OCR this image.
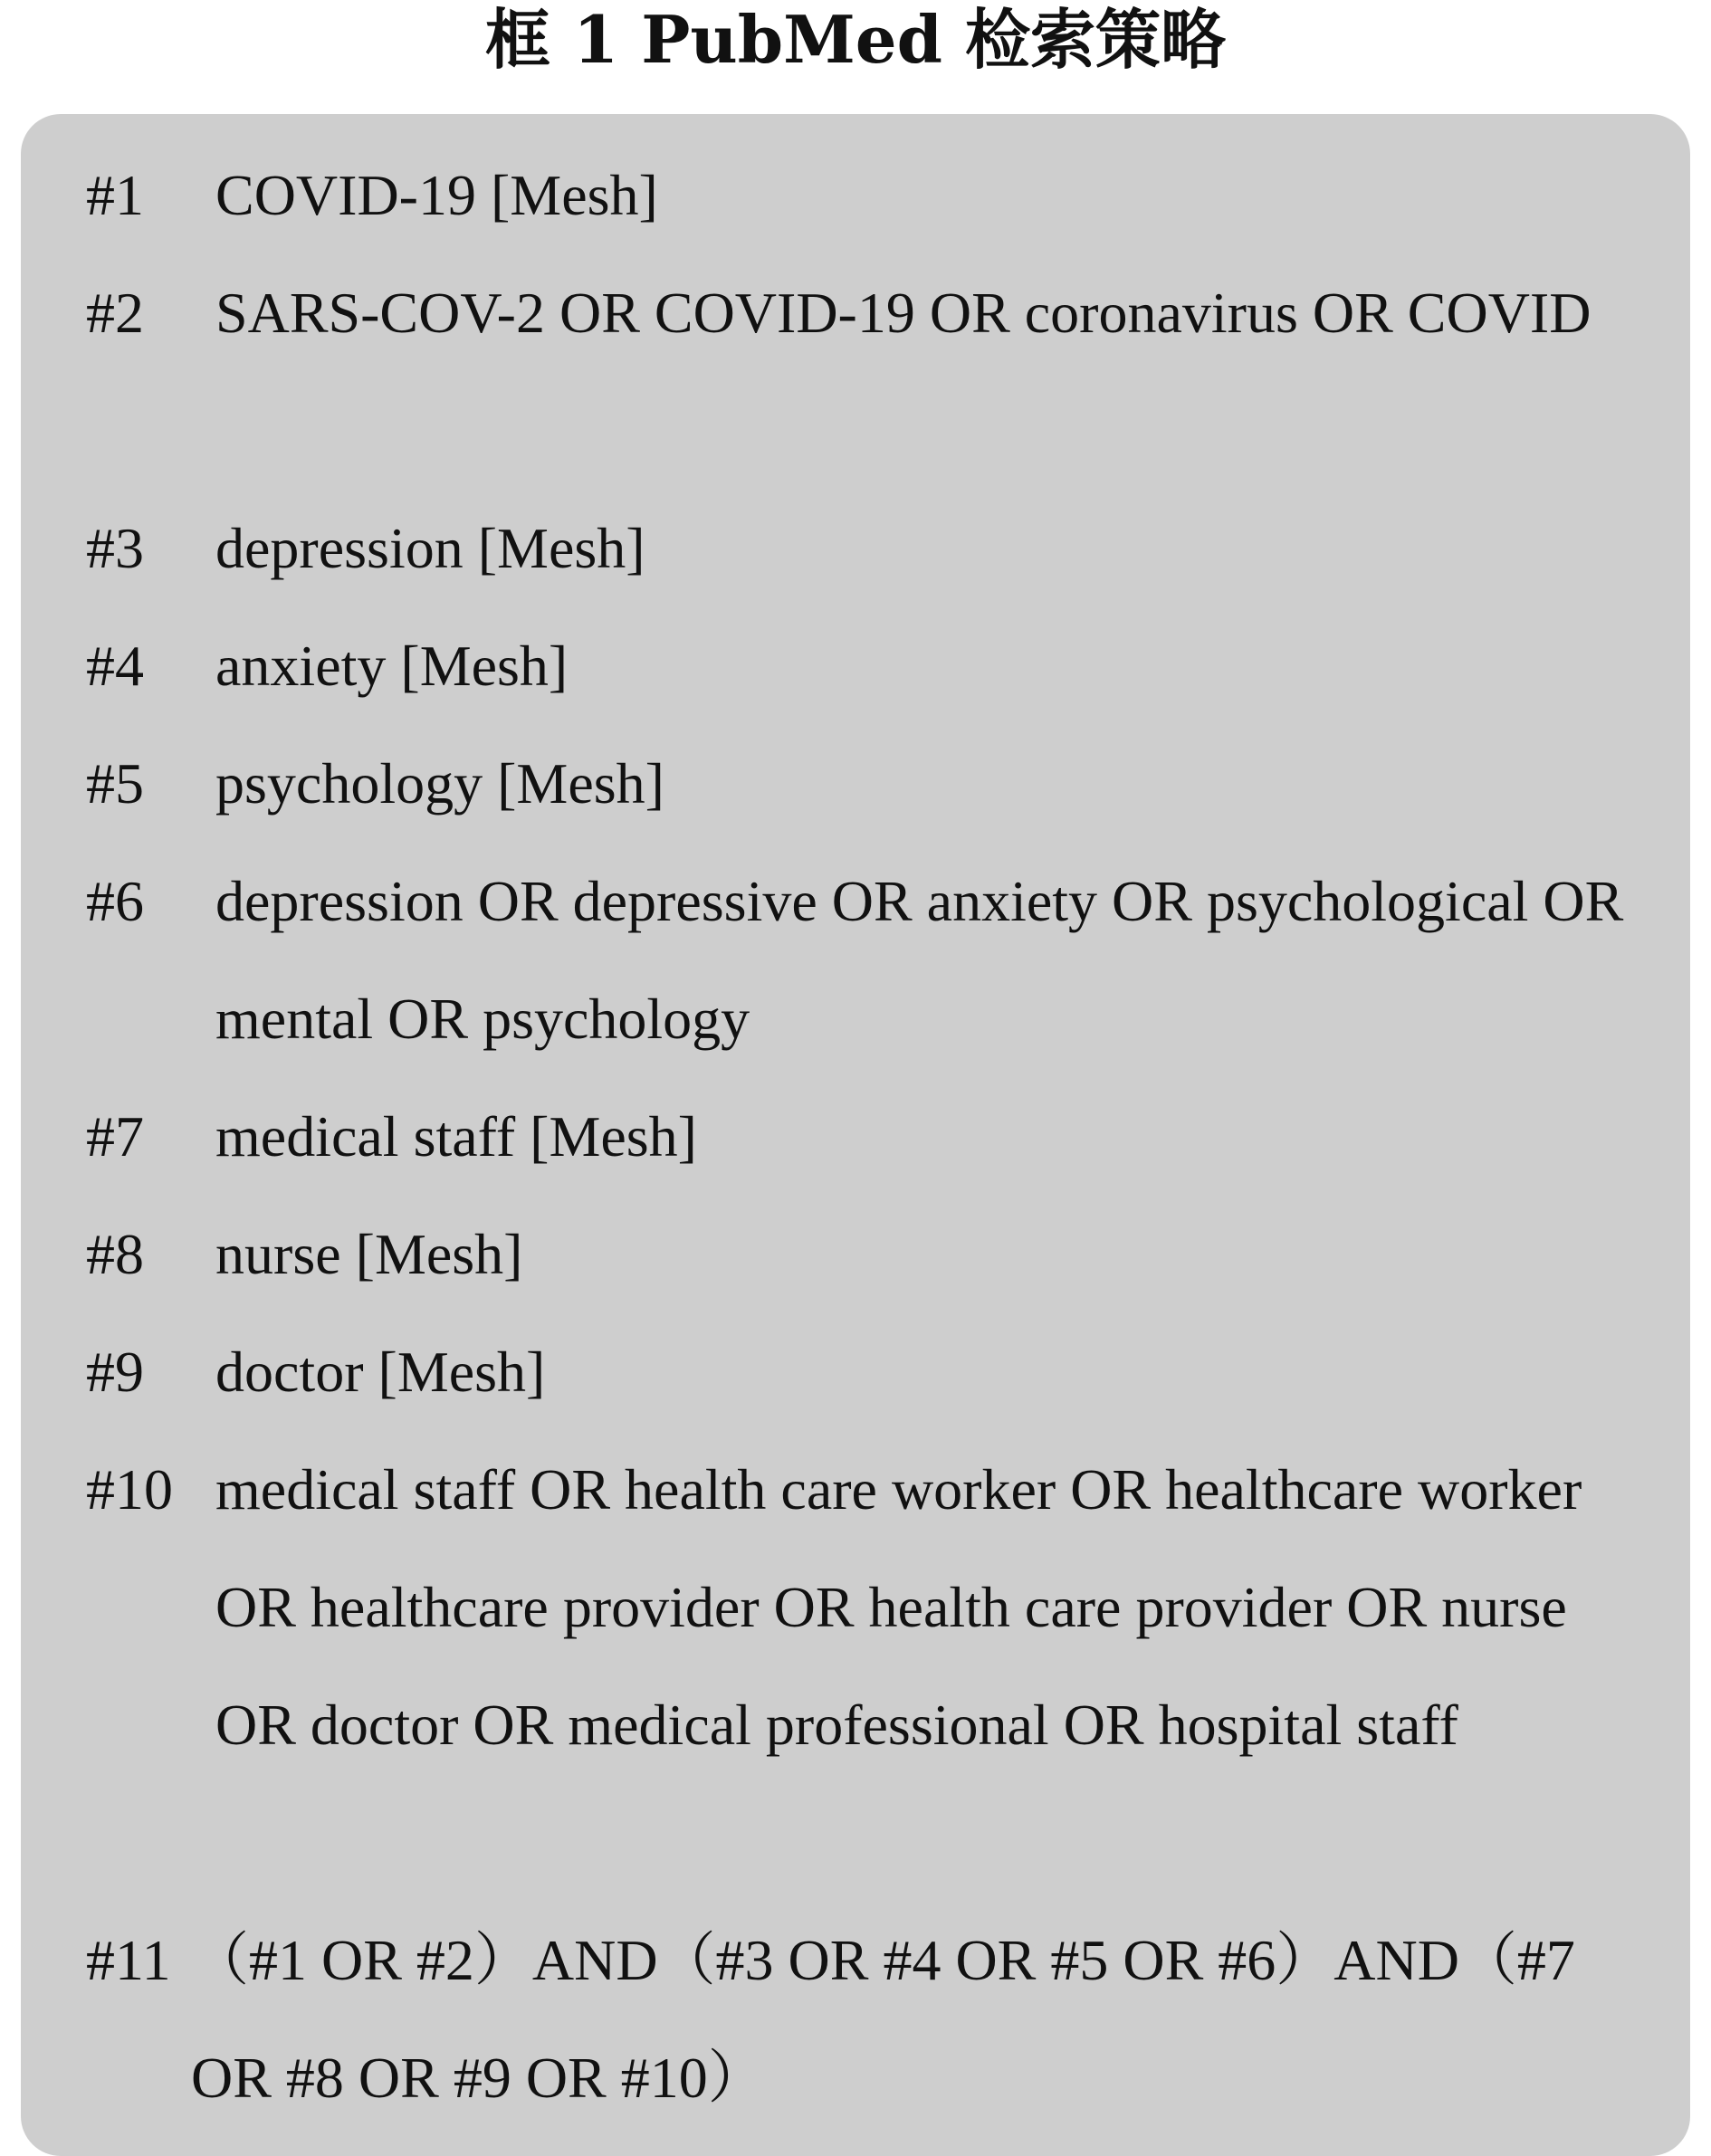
框 1 PubMed 检索策略
#1 COVID-19 [Mesh]
#2 SARS-COV-2 OR COVID-19 OR coronavirus OR COVID
#3 depression [Mesh]
#4 anxiety [Mesh]
#5 psychology [Mesh]
#6 depression OR depressive OR anxiety OR psychological OR mental OR psychology
#7 medical staff [Mesh]
#8 nurse [Mesh]
#9 doctor [Mesh]
#10 medical staff OR health care worker OR healthcare worker OR healthcare provider OR health care provider OR nurse OR doctor OR medical professional OR hospital staff
#11 （#1 OR #2）AND（#3 OR #4 OR #5 OR #6）AND（#7 OR #8 OR #9 OR #10）
